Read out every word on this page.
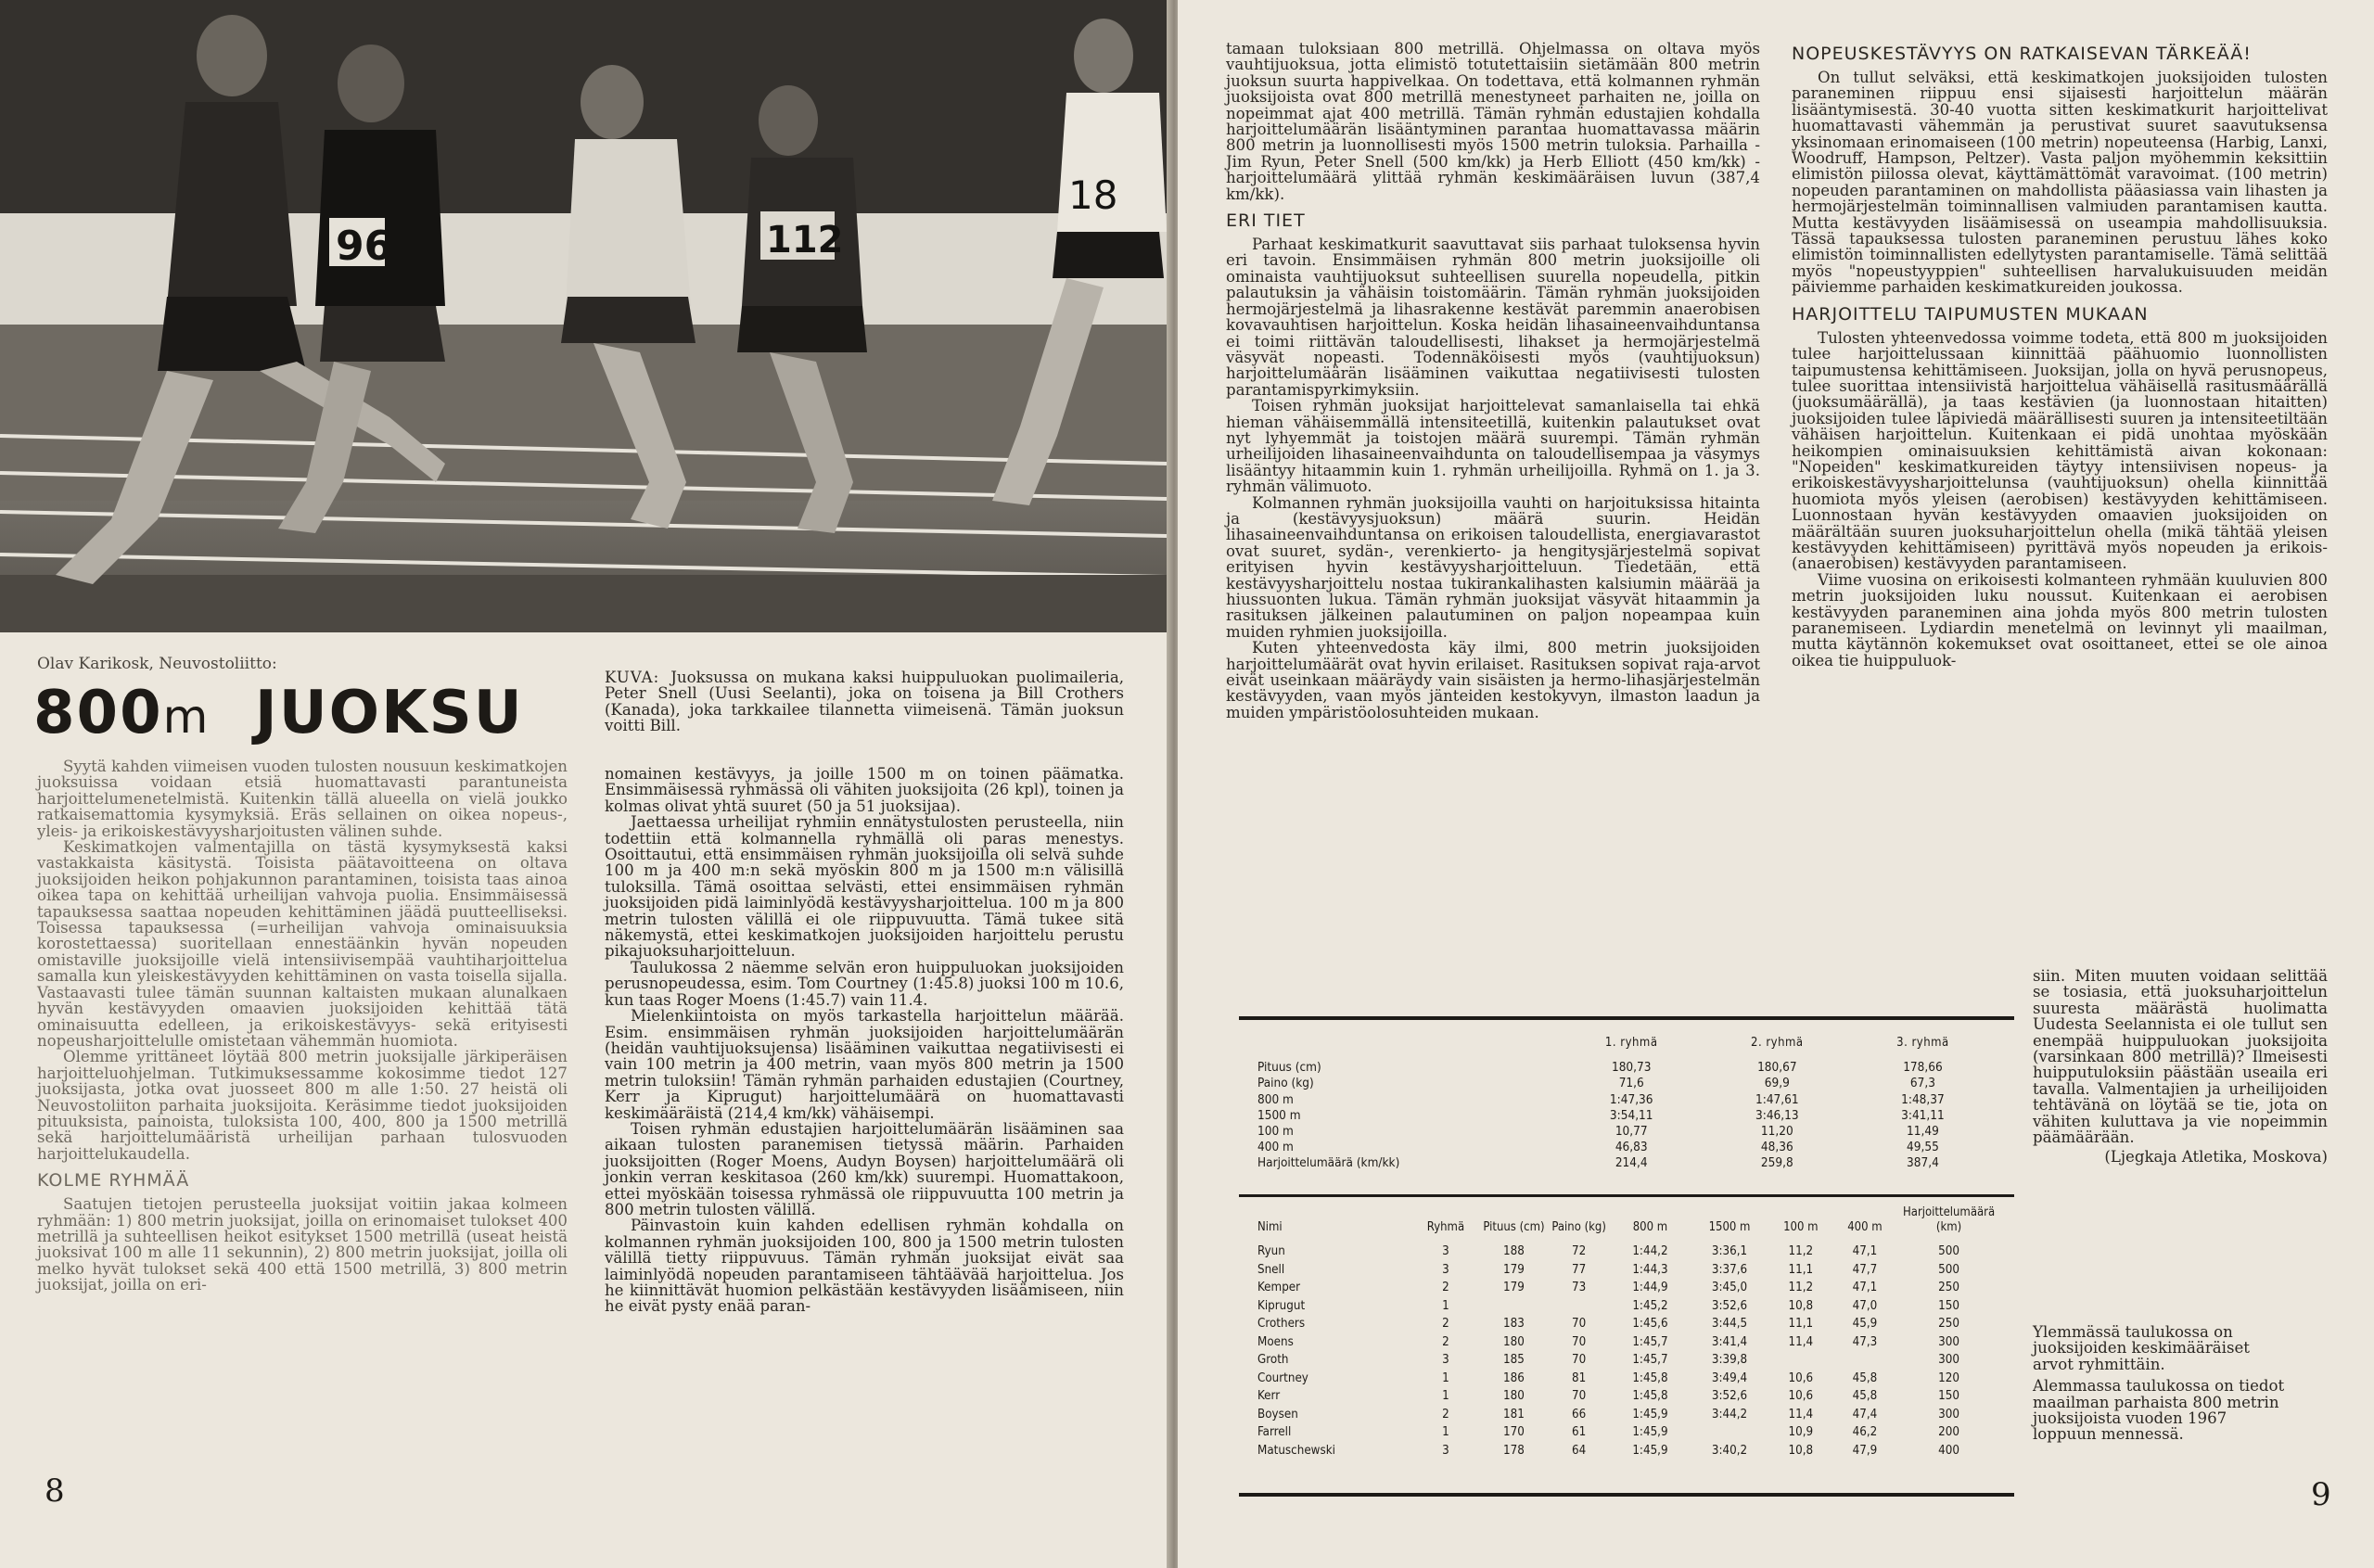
96	112
18
Olav Karikosk, Neuvostoliitto:
800m JUOKSU
KUVA: Juoksussa on mukana kaksi huippuluokan puolimaileria, Peter Snell (Uusi Seelanti), joka on toisena ja Bill Crothers (Kanada), joka tarkkailee tilannetta viimeisenä. Tämän juoksun voitti Bill.

Syytä kahden viimeisen vuoden tulosten nousuun keskimatkojen juoksuissa voidaan etsiä huomattavasti parantuneista harjoittelumenetelmistä. Kuitenkin tällä alueella on vielä joukko ratkaisemattomia kysymyksiä. Eräs sellainen on oikea nopeus-, yleis- ja erikoiskestävyysharjoitusten välinen suhde.

Keskimatkojen valmentajilla on tästä kysymyksestä kaksi vastakkaista käsitystä. Toisista päätavoitteena on oltava juoksijoiden heikon pohjakunnon parantaminen, toisista taas ainoa oikea tapa on kehittää urheilijan vahvoja puolia. Ensimmäisessä tapauksessa saattaa nopeuden kehittäminen jäädä puutteelliseksi. Toisessa tapauksessa (=urheilijan vahvoja ominaisuuksia korostettaessa) suoritellaan ennestäänkin hyvän nopeuden omistaville juoksijoille vielä intensiivisempää vauhtiharjoittelua samalla kun yleiskestävyyden kehittäminen on vasta toisella sijalla. Vastaavasti tulee tämän suunnan kaltaisten mukaan alunalkaen hyvän kestävyyden omaavien juoksijoiden kehittää tätä ominaisuutta edelleen, ja erikoiskestävyys- sekä erityisesti nopeusharjoittelulle omistetaan vähemmän huomiota.

Olemme yrittäneet löytää 800 metrin juoksijalle järkiperäisen harjoitteluohjelman. Tutkimuksessamme kokosimme tiedot 127 juoksijasta, jotka ovat juosseet 800 m alle 1:50. 27 heistä oli Neuvostoliiton parhaita juoksijoita. Keräsimme tiedot juoksijoiden pituuksista, painoista, tuloksista 100, 400, 800 ja 1500 metrillä sekä harjoittelumääristä urheilijan parhaan tulosvuoden harjoittelukaudella.

KOLME RYHMÄÄ

Saatujen tietojen perusteella juoksijat voitiin jakaa kolmeen ryhmään: 1) 800 metrin juoksijat, joilla on erinomaiset tulokset 400 metrillä ja suhteellisen heikot esitykset 1500 metrillä (useat heistä juoksivat 100 m alle 11 sekunnin), 2) 800 metrin juoksijat, joilla oli melko hyvät tulokset sekä 400 että 1500 metrillä, 3) 800 metrin juoksijat, joilla on eri-

nomainen kestävyys, ja joille 1500 m on toinen päämatka. Ensimmäisessä ryhmässä oli vähiten juoksijoita (26 kpl), toinen ja kolmas olivat yhtä suuret (50 ja 51 juoksijaa).

Jaettaessa urheilijat ryhmiin ennätystulosten perusteella, niin todettiin että kolmannella ryhmällä oli paras menestys. Osoittautui, että ensimmäisen ryhmän juoksijoilla oli selvä suhde 100 m ja 400 m:n sekä myöskin 800 m ja 1500 m:n välisillä tuloksilla. Tämä osoittaa selvästi, ettei ensimmäisen ryhmän juoksijoiden pidä laiminlyödä kestävyysharjoittelua. 100 m ja 800 metrin tulosten välillä ei ole riippuvuutta. Tämä tukee sitä näkemystä, ettei keskimatkojen juoksijoiden harjoittelu perustu pikajuoksuharjoitteluun.

Taulukossa 2 näemme selvän eron huippuluokan juoksijoiden perusnopeudessa, esim. Tom Courtney (1:45.8) juoksi 100 m 10.6, kun taas Roger Moens (1:45.7) vain 11.4.

Mielenkiintoista on myös tarkastella harjoittelun määrää. Esim. ensimmäisen ryhmän juoksijoiden harjoittelumäärän (heidän vauhtijuoksujensa) lisääminen vaikuttaa negatiivisesti ei vain 100 metrin ja 400 metrin, vaan myös 800 metrin ja 1500 metrin tuloksiin! Tämän ryhmän parhaiden edustajien (Courtney, Kerr ja Kiprugut) harjoittelumäärä on huomattavasti keskimääräistä (214,4 km/kk) vähäisempi.

Toisen ryhmän edustajien harjoittelumäärän lisääminen saa aikaan tulosten paranemisen tietyssä määrin. Parhaiden juoksijoitten (Roger Moens, Audyn Boysen) harjoittelumäärä oli jonkin verran keskitasoa (260 km/kk) suurempi. Huomattakoon, ettei myöskään toisessa ryhmässä ole riippuvuutta 100 metrin ja 800 metrin tulosten välillä.

Päinvastoin kuin kahden edellisen ryhmän kohdalla on kolmannen ryhmän juoksijoiden 100, 800 ja 1500 metrin tulosten välillä tietty riippuvuus. Tämän ryhmän juoksijat eivät saa laiminlyödä nopeuden parantamiseen tähtäävää harjoittelua. Jos he kiinnittävät huomion pelkästään kestävyyden lisäämiseen, niin he eivät pysty enää paran-

8

tamaan tuloksiaan 800 metrillä. Ohjelmassa on oltava myös vauhtijuoksua, jotta elimistö totutettaisiin sietämään 800 metrin juoksun suurta happivelkaa. On todettava, että kolmannen ryhmän juoksijoista ovat 800 metrillä menestyneet parhaiten ne, joilla on nopeimmat ajat 400 metrillä. Tämän ryhmän edustajien kohdalla harjoittelumäärän lisääntyminen parantaa huomattavassa määrin 800 metrin ja luonnollisesti myös 1500 metrin tuloksia. Parhailla - Jim Ryun, Peter Snell (500 km/kk) ja Herb Elliott (450 km/kk) - harjoittelumäärä ylittää ryhmän keskimääräisen luvun (387,4 km/kk).

ERI TIET

Parhaat keskimatkurit saavuttavat siis parhaat tuloksensa hyvin eri tavoin. Ensimmäisen ryhmän 800 metrin juoksijoille oli ominaista vauhtijuoksut suhteellisen suurella nopeudella, pitkin palautuksin ja vähäisin toistomäärin. Tämän ryhmän juoksijoiden hermojärjestelmä ja lihasrakenne kestävät paremmin anaerobisen kovavauhtisen harjoittelun. Koska heidän lihasaineenvaihduntansa ei toimi riittävän taloudellisesti, lihakset ja hermojärjestelmä väsyvät nopeasti. Todennäköisesti myös (vauhtijuoksun) harjoittelumäärän lisääminen vaikuttaa negatiivisesti tulosten parantamispyrkimyksiin.

Toisen ryhmän juoksijat harjoittelevat samanlaisella tai ehkä hieman vähäisemmällä intensiteetillä, kuitenkin palautukset ovat nyt lyhyemmät ja toistojen määrä suurempi. Tämän ryhmän urheilijoiden lihasaineenvaihdunta on taloudellisempaa ja väsymys lisääntyy hitaammin kuin 1. ryhmän urheilijoilla. Ryhmä on 1. ja 3. ryhmän välimuoto.

Kolmannen ryhmän juoksijoilla vauhti on harjoituksissa hitainta ja (kestävyysjuoksun) määrä suurin. Heidän lihasaineenvaihduntansa on erikoisen taloudellista, energiavarastot ovat suuret, sydän-, verenkierto- ja hengitysjärjestelmä sopivat erityisen hyvin kestävyysharjoitteluun. Tiedetään, että kestävyysharjoittelu nostaa tukirankalihasten kalsiumin määrää ja hiussuonten lukua. Tämän ryhmän juoksijat väsyvät hitaammin ja rasituksen jälkeinen palautuminen on paljon nopeampaa kuin muiden ryhmien juoksijoilla.

Kuten yhteenvedosta käy ilmi, 800 metrin juoksijoiden harjoittelumäärät ovat hyvin erilaiset. Rasituksen sopivat raja-arvot eivät useinkaan määräydy vain sisäisten ja hermo-lihasjärjestelmän kestävyyden, vaan myös jänteiden kestokyvyn, ilmaston laadun ja muiden ympäristöolosuhteiden mukaan.

NOPEUSKESTÄVYYS ON RATKAISEVAN TÄRKEÄÄ!

On tullut selväksi, että keskimatkojen juoksijoiden tulosten paraneminen riippuu ensi sijaisesti harjoittelun määrän lisääntymisestä. 30-40 vuotta sitten keskimatkurit harjoittelivat huomattavasti vähemmän ja perustivat suuret saavutuksensa yksinomaan erinomaiseen (100 metrin) nopeuteensa (Harbig, Lanxi, Woodruff, Hampson, Peltzer). Vasta paljon myöhemmin keksittiin elimistön piilossa olevat, käyttämättömät varavoimat. (100 metrin) nopeuden parantaminen on mahdollista pääasiassa vain lihasten ja hermojärjestelmän toiminnallisen valmiuden parantamisen kautta. Mutta kestävyyden lisäämisessä on useampia mahdollisuuksia. Tässä tapauksessa tulosten paraneminen perustuu lähes koko elimistön toiminnallisten edellytysten parantamiselle. Tämä selittää myös "nopeustyyppien" suhteellisen harvalukuisuuden meidän päiviemme parhaiden keskimatkureiden joukossa.

HARJOITTELU TAIPUMUSTEN MUKAAN

Tulosten yhteenvedossa voimme todeta, että 800 m juoksijoiden tulee harjoittelussaan kiinnittää päähuomio luonnollisten taipumustensa kehittämiseen. Juoksijan, jolla on hyvä perusnopeus, tulee suorittaa intensiivistä harjoittelua vähäisellä rasitusmäärällä (juoksumäärällä), ja taas kestävien (ja luonnostaan hitaitten) juoksijoiden tulee läpiviedä määrällisesti suuren ja intensiteetiltään vähäisen harjoittelun. Kuitenkaan ei pidä unohtaa myöskään heikompien ominaisuuksien kehittämistä aivan kokonaan: "Nopeiden" keskimatkureiden täytyy intensiivisen nopeus- ja erikoiskestävyysharjoittelunsa (vauhtijuoksun) ohella kiinnittää huomiota myös yleisen (aerobisen) kestävyyden kehittämiseen. Luonnostaan hyvän kestävyyden omaavien juoksijoiden on määrältään suuren juoksuharjoittelun ohella (mikä tähtää yleisen kestävyyden kehittämiseen) pyrittävä myös nopeuden ja erikois- (anaerobisen) kestävyyden parantamiseen.

Viime vuosina on erikoisesti kolmanteen ryhmään kuuluvien 800 metrin juoksijoiden luku noussut. Kuitenkaan ei aerobisen kestävyyden paraneminen aina johda myös 800 metrin tulosten paranemiseen. Lydiardin menetelmä on levinnyt yli maailman, mutta käytännön kokemukset ovat osoittaneet, ettei se ole ainoa oikea tie huippuluok-

siin. Miten muuten voidaan selittää se tosiasia, että juoksuharjoittelun suuresta määrästä huolimatta Uudesta Seelannista ei ole tullut sen enempää huippuluokan juoksijoita (varsinkaan 800 metrillä)? Ilmeisesti huipputuloksiin päästään useaila eri tavalla. Valmentajien ja urheilijoiden tehtävänä on löytää se tie, jota on vähiten kuluttava ja vie nopeimmin päämäärään.

(Ljegkaja Atletika, Moskova)

Ylemmässä taulukossa on juoksijoiden keskimääräiset arvot ryhmittäin.

Alemmassa taulukossa on tiedot maailman parhaista 800 metrin juoksijoista vuoden 1967 loppuun mennessä.

	1. ryhmä	2. ryhmä	3. ryhmä
Pituus (cm)	180,73	180,67	178,66
Paino (kg)	71,6	69,9	67,3
800 m	1:47,36	1:47,61	1:48,37
1500 m	3:54,11	3:46,13	3:41,11
100 m	10,77	11,20	11,49
400 m	46,83	48,36	49,55
Harjoittelumäärä (km/kk)	214,4	259,8	387,4
Nimi	Ryhmä	Pituus (cm)	Paino (kg)	800 m	1500 m	100 m	400 m	Harjoittelumäärä (km)
Ryun	3	188	72	1:44,2	3:36,1	11,2	47,1	500
Snell	3	179	77	1:44,3	3:37,6	11,1	47,7	500
Kemper	2	179	73	1:44,9	3:45,0	11,2	47,1	250
Kiprugut	1			1:45,2	3:52,6	10,8	47,0	150
Crothers	2	183	70	1:45,6	3:44,5	11,1	45,9	250
Moens	2	180	70	1:45,7	3:41,4	11,4	47,3	300
Groth	3	185	70	1:45,7	3:39,8			300
Courtney	1	186	81	1:45,8	3:49,4	10,6	45,8	120
Kerr	1	180	70	1:45,8	3:52,6	10,6	45,8	150
Boysen	2	181	66	1:45,9	3:44,2	11,4	47,4	300
Farrell	1	170	61	1:45,9		10,9	46,2	200
Matuschewski	3	178	64	1:45,9	3:40,2	10,8	47,9	400
9
